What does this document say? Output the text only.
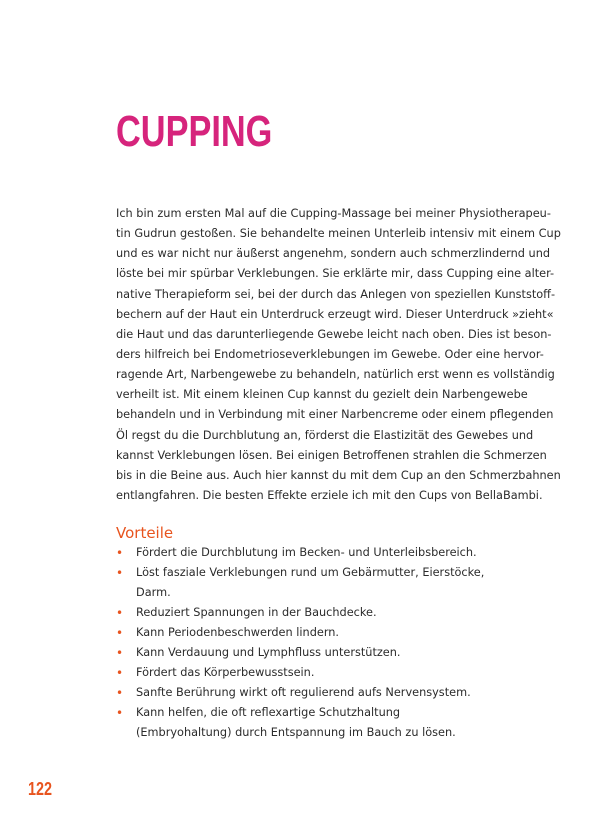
CUPPING
Ich bin zum ersten Mal auf die Cupping-Massage bei meiner Physiotherapeu-
tin Gudrun gestoßen. Sie behandelte meinen Unterleib intensiv mit einem Cup
und es war nicht nur äußerst angenehm, sondern auch schmerzlindernd und
löste bei mir spürbar Verklebungen. Sie erklärte mir, dass Cupping eine alter-
native Therapieform sei, bei der durch das Anlegen von speziellen Kunststoff-
bechern auf der Haut ein Unterdruck erzeugt wird. Dieser Unterdruck »zieht«
die Haut und das darunterliegende Gewebe leicht nach oben. Dies ist beson-
ders hilfreich bei Endometrioseverklebungen im Gewebe. Oder eine hervor-
ragende Art, Narbengewebe zu behandeln, natürlich erst wenn es vollständig
verheilt ist. Mit einem kleinen Cup kannst du gezielt dein Narbengewebe
behandeln und in Verbindung mit einer Narbencreme oder einem pflegenden
Öl regst du die Durchblutung an, förderst die Elastizität des Gewebes und
kannst Verklebungen lösen. Bei einigen Betroffenen strahlen die Schmerzen
bis in die Beine aus. Auch hier kannst du mit dem Cup an den Schmerzbahnen
entlangfahren. Die besten Effekte erziele ich mit den Cups von BellaBambi.
Vorteile
• Fördert die Durchblutung im Becken- und Unterleibsbereich.
• Löst fasziale Verklebungen rund um Gebärmutter, Eierstöcke, Darm.
• Reduziert Spannungen in der Bauchdecke.
• Kann Periodenbeschwerden lindern.
• Kann Verdauung und Lymphfluss unterstützen.
• Fördert das Körperbewusstsein.
• Sanfte Berührung wirkt oft regulierend aufs Nervensystem.
• Kann helfen, die oft reflexartige Schutzhaltung (Embryohaltung) durch Entspannung im Bauch zu lösen.
122
